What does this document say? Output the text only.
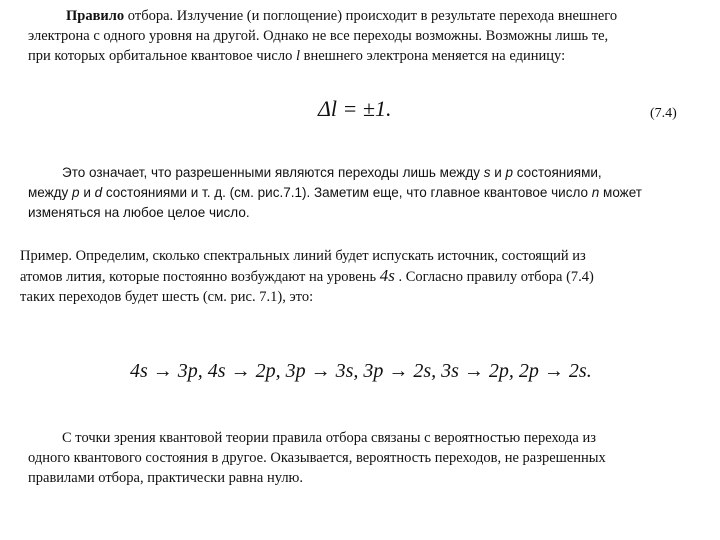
Правило отбора. Излучение (и поглощение) происходит в результате перехода внешнего
электрона с одного уровня на другой. Однако не все переходы возможны. Возможны лишь те,
при которых орбитальное квантовое число l внешнего электрона меняется на единицу:
Δl = ±1.	(7.4)
Это означает, что разрешенными являются переходы лишь между s и p состояниями,
между p и d состояниями и т. д. (см. рис.7.1). Заметим еще, что главное квантовое число n может
изменяться на любое целое число.
Пример. Определим, сколько спектральных линий будет испускать источник, состоящий из
атомов лития, которые постоянно возбуждают на уровень 4s . Согласно правилу отбора (7.4)
таких переходов будет шесть (см. рис. 7.1), это:
4s → 3p, 4s → 2p, 3p → 3s, 3p → 2s, 3s → 2p, 2p → 2s.
С точки зрения квантовой теории правила отбора связаны с вероятностью перехода из
одного квантового состояния в другое. Оказывается, вероятность переходов, не разрешенных
правилами отбора, практически равна нулю.
